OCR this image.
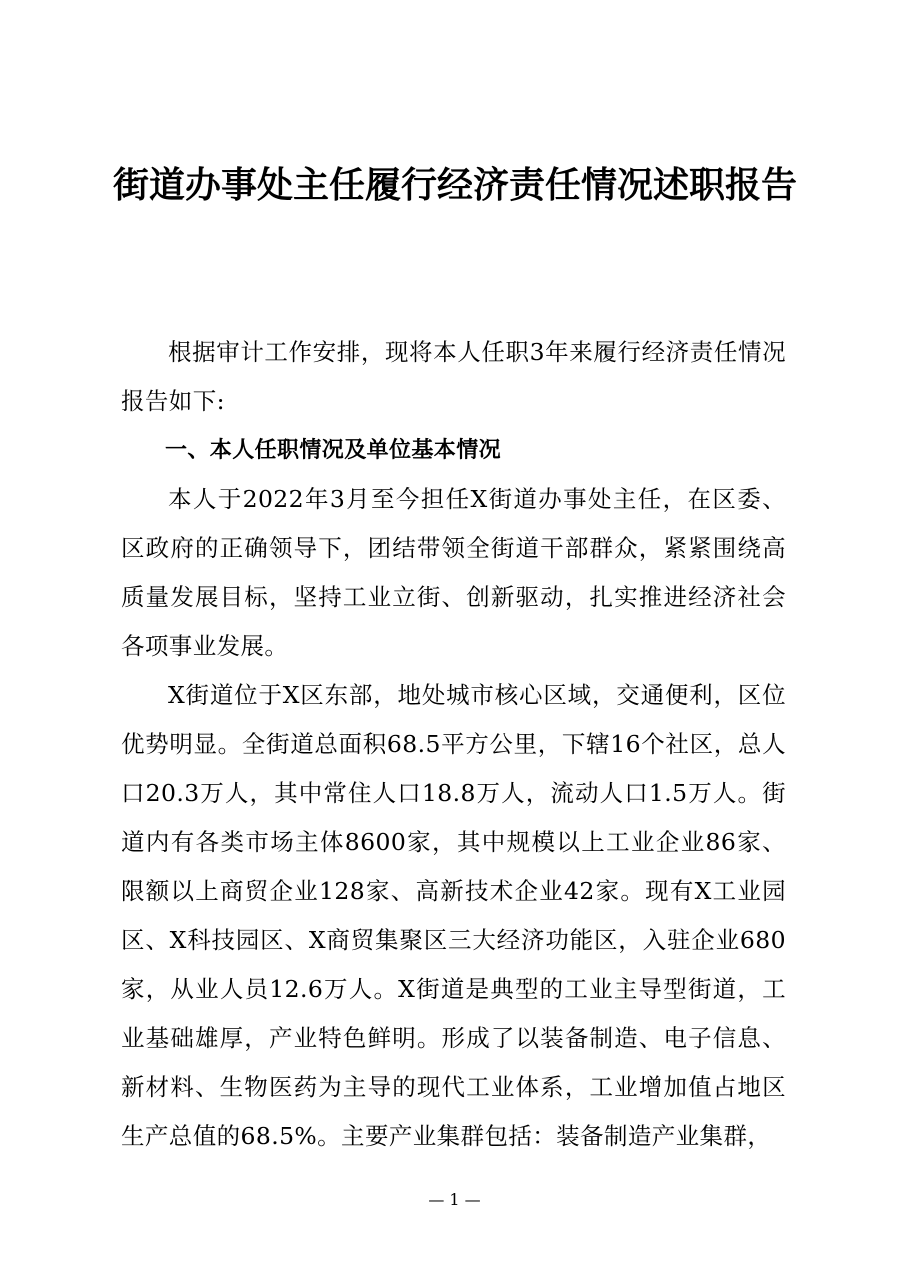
街道办事处主任履行经济责任情况述职报告

根据审计工作安排，现将本人任职3年来履行经济责任情况报告如下:

一、本人任职情况及单位基本情况

本人于2022年3月至今担任X街道办事处主任，在区委、区政府的正确领导下，团结带领全街道干部群众，紧紧围绕高质量发展目标，坚持工业立街、创新驱动，扎实推进经济社会各项事业发展。

X街道位于X区东部，地处城市核心区域，交通便利，区位优势明显。全街道总面积68.5平方公里，下辖16个社区，总人口20.3万人，其中常住人口18.8万人，流动人口1.5万人。街道内有各类市场主体8600家，其中规模以上工业企业86家、限额以上商贸企业128家、高新技术企业42家。现有X工业园区、X科技园区、X商贸集聚区三大经济功能区，入驻企业680家，从业人员12.6万人。X街道是典型的工业主导型街道，工业基础雄厚，产业特色鲜明。形成了以装备制造、电子信息、新材料、生物医药为主导的现代工业体系，工业增加值占地区生产总值的68.5%。主要产业集群包括：装备制造产业集群，

— 1 —
